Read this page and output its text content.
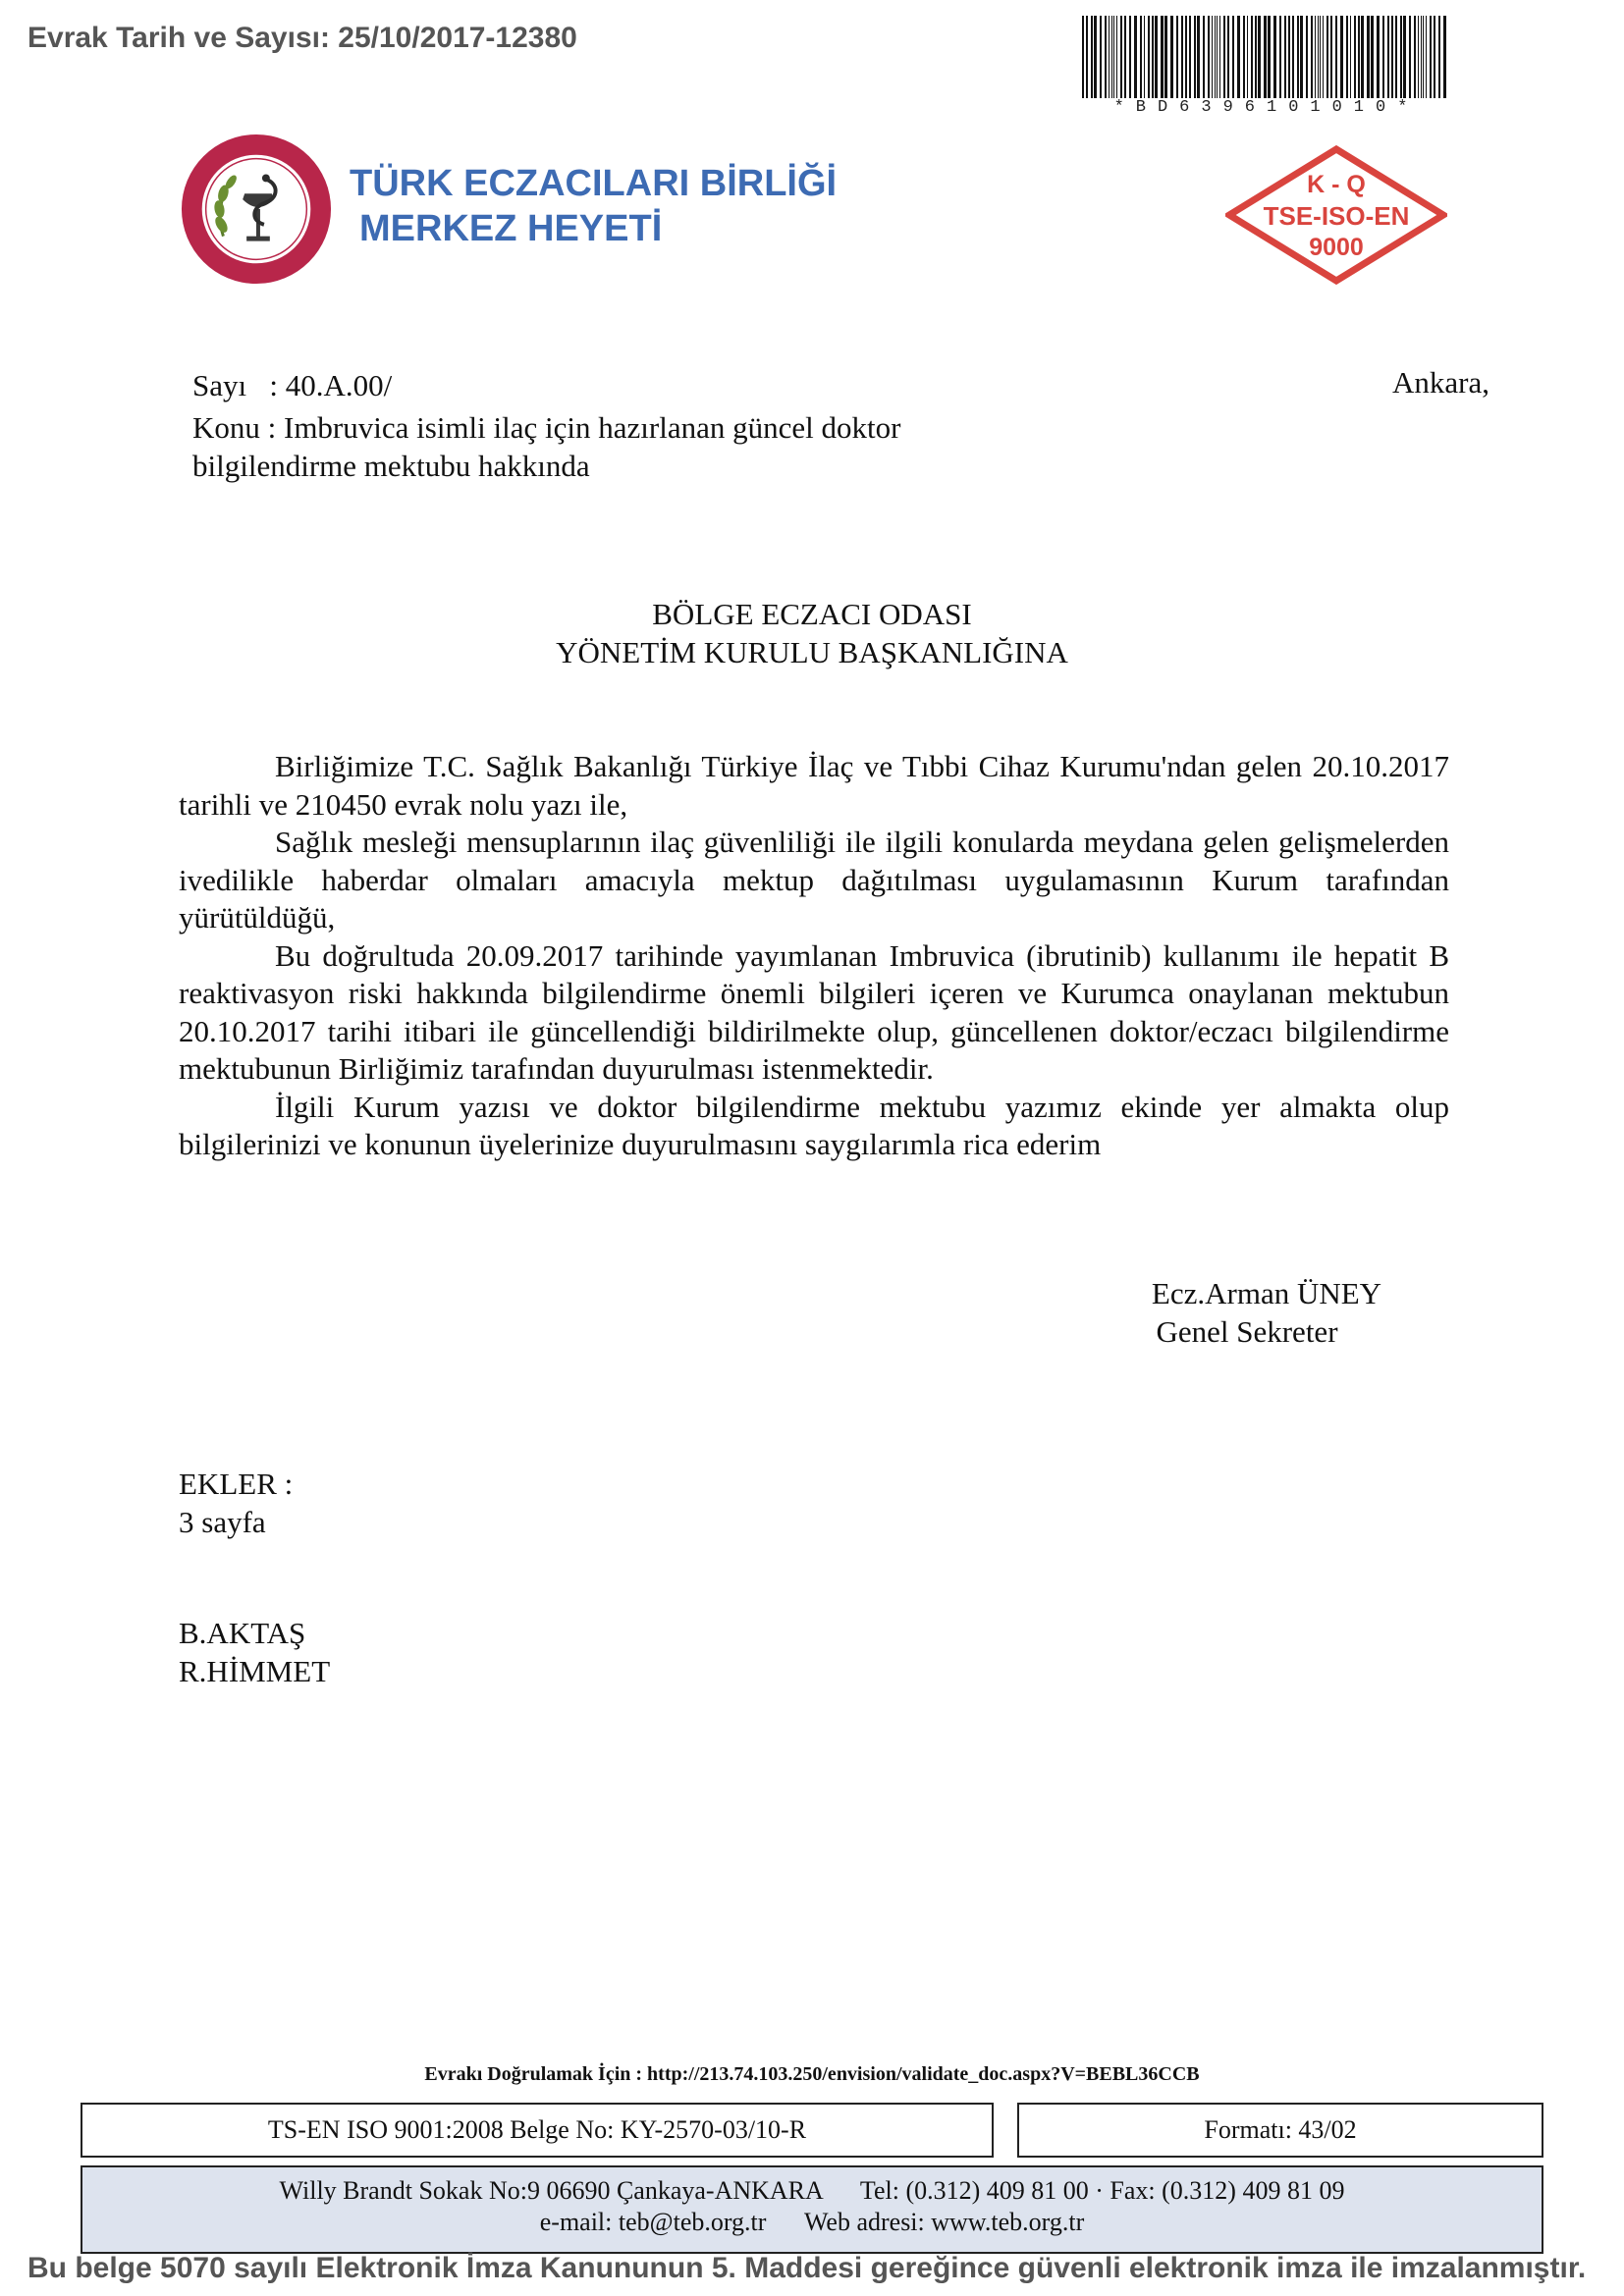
Evrak Tarih ve Sayısı: 25/10/2017-12380
*BD6396101010*
TÜRK ECZACILARI BİRLİĞİ
MERKEZ HEYETİ
K - Q
TSE-ISO-EN
9000
Sayı   : 40.A.00/	Ankara,
Konu : Imbruvica isimli ilaç için hazırlanan güncel doktor
bilgilendirme mektubu hakkında
BÖLGE ECZACI ODASI
YÖNETİM KURULU BAŞKANLIĞINA

Birliğimize T.C. Sağlık Bakanlığı Türkiye İlaç ve Tıbbi Cihaz Kurumu'ndan gelen 20.10.2017 tarihli ve 210450 evrak nolu yazı ile,

Sağlık mesleği mensuplarının ilaç güvenliliği ile ilgili konularda meydana gelen gelişmelerden ivedilikle haberdar olmaları amacıyla mektup dağıtılması uygulamasının Kurum tarafından yürütüldüğü,

Bu doğrultuda 20.09.2017 tarihinde yayımlanan Imbruvica (ibrutinib) kullanımı ile hepatit B reaktivasyon riski hakkında bilgilendirme önemli bilgileri içeren ve Kurumca onaylanan mektubun 20.10.2017 tarihi itibari ile güncellendiği bildirilmekte olup, güncellenen doktor/eczacı bilgilendirme mektubunun Birliğimiz tarafından duyurulması istenmektedir.

İlgili Kurum yazısı ve doktor bilgilendirme mektubu yazımız ekinde yer almakta olup bilgilerinizi ve konunun üyelerinize duyurulmasını saygılarımla rica ederim

Ecz.Arman ÜNEY
Genel Sekreter
EKLER :
3 sayfa
B.AKTAŞ
R.HİMMET
Evrakı Doğrulamak İçin : http://213.74.103.250/envision/validate_doc.aspx?V=BEBL36CCB
TS-EN ISO 9001:2008 Belge No: KY-2570-03/10-R	Formatı: 43/02
Willy Brandt Sokak No:9 06690 Çankaya-ANKARA      Tel: (0.312) 409 81 00 · Fax: (0.312) 409 81 09
e-mail: teb@teb.org.tr      Web adresi: www.teb.org.tr
Bu belge 5070 sayılı Elektronik İmza Kanununun 5. Maddesi gereğince güvenli elektronik imza ile imzalanmıştır.
